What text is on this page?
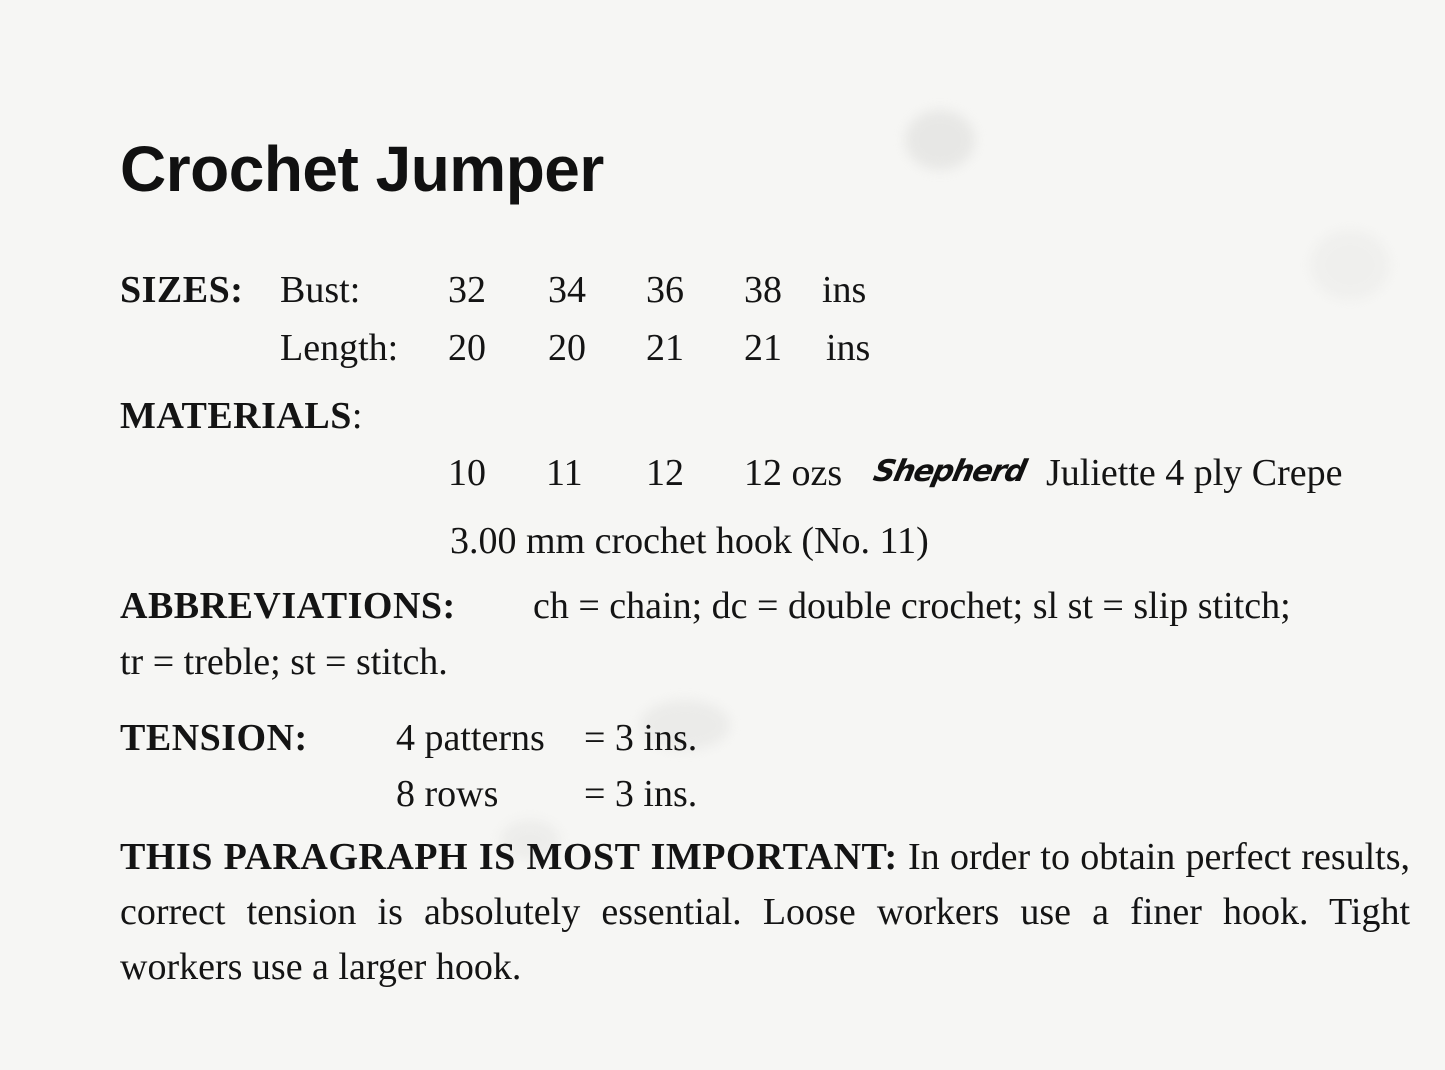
Crochet Jumper
SIZES: Bust: 32 34 36 38 ins
Length: 20 20 21 21 ins
MATERIALS:
10 11 12 12 ozs Shepherd Juliette 4 ply Crepe
3.00 mm crochet hook (No. 11)
ABBREVIATIONS: ch = chain; dc = double crochet; sl st = slip stitch;
tr = treble; st = stitch.
TENSION: 4 patterns = 3 ins.
8 rows = 3 ins.
THIS PARAGRAPH IS MOST IMPORTANT: In order to obtain perfect results, correct tension is absolutely essential. Loose workers use a finer hook. Tight workers use a larger hook.
